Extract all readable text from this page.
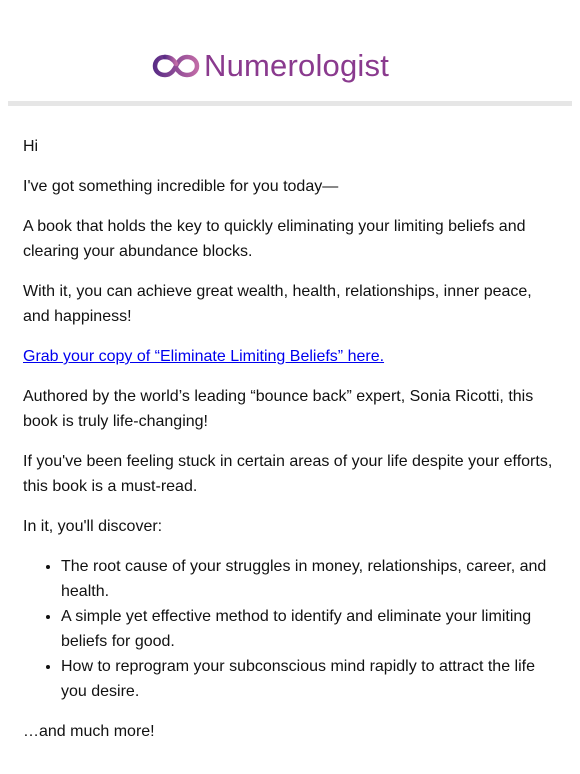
Numerologist

Hi

I've got something incredible for you today—

A book that holds the key to quickly eliminating your limiting beliefs and clearing your abundance blocks.

With it, you can achieve great wealth, health, relationships, inner peace, and happiness!

Grab your copy of “Eliminate Limiting Beliefs” here.

Authored by the world’s leading “bounce back” expert, Sonia Ricotti, this book is truly life-changing!

If you've been feeling stuck in certain areas of your life despite your efforts, this book is a must-read.

In it, you'll discover:

• The root cause of your struggles in money, relationships, career, and health.
• A simple yet effective method to identify and eliminate your limiting beliefs for good.
• How to reprogram your subconscious mind rapidly to attract the life you desire.

…and much more!
